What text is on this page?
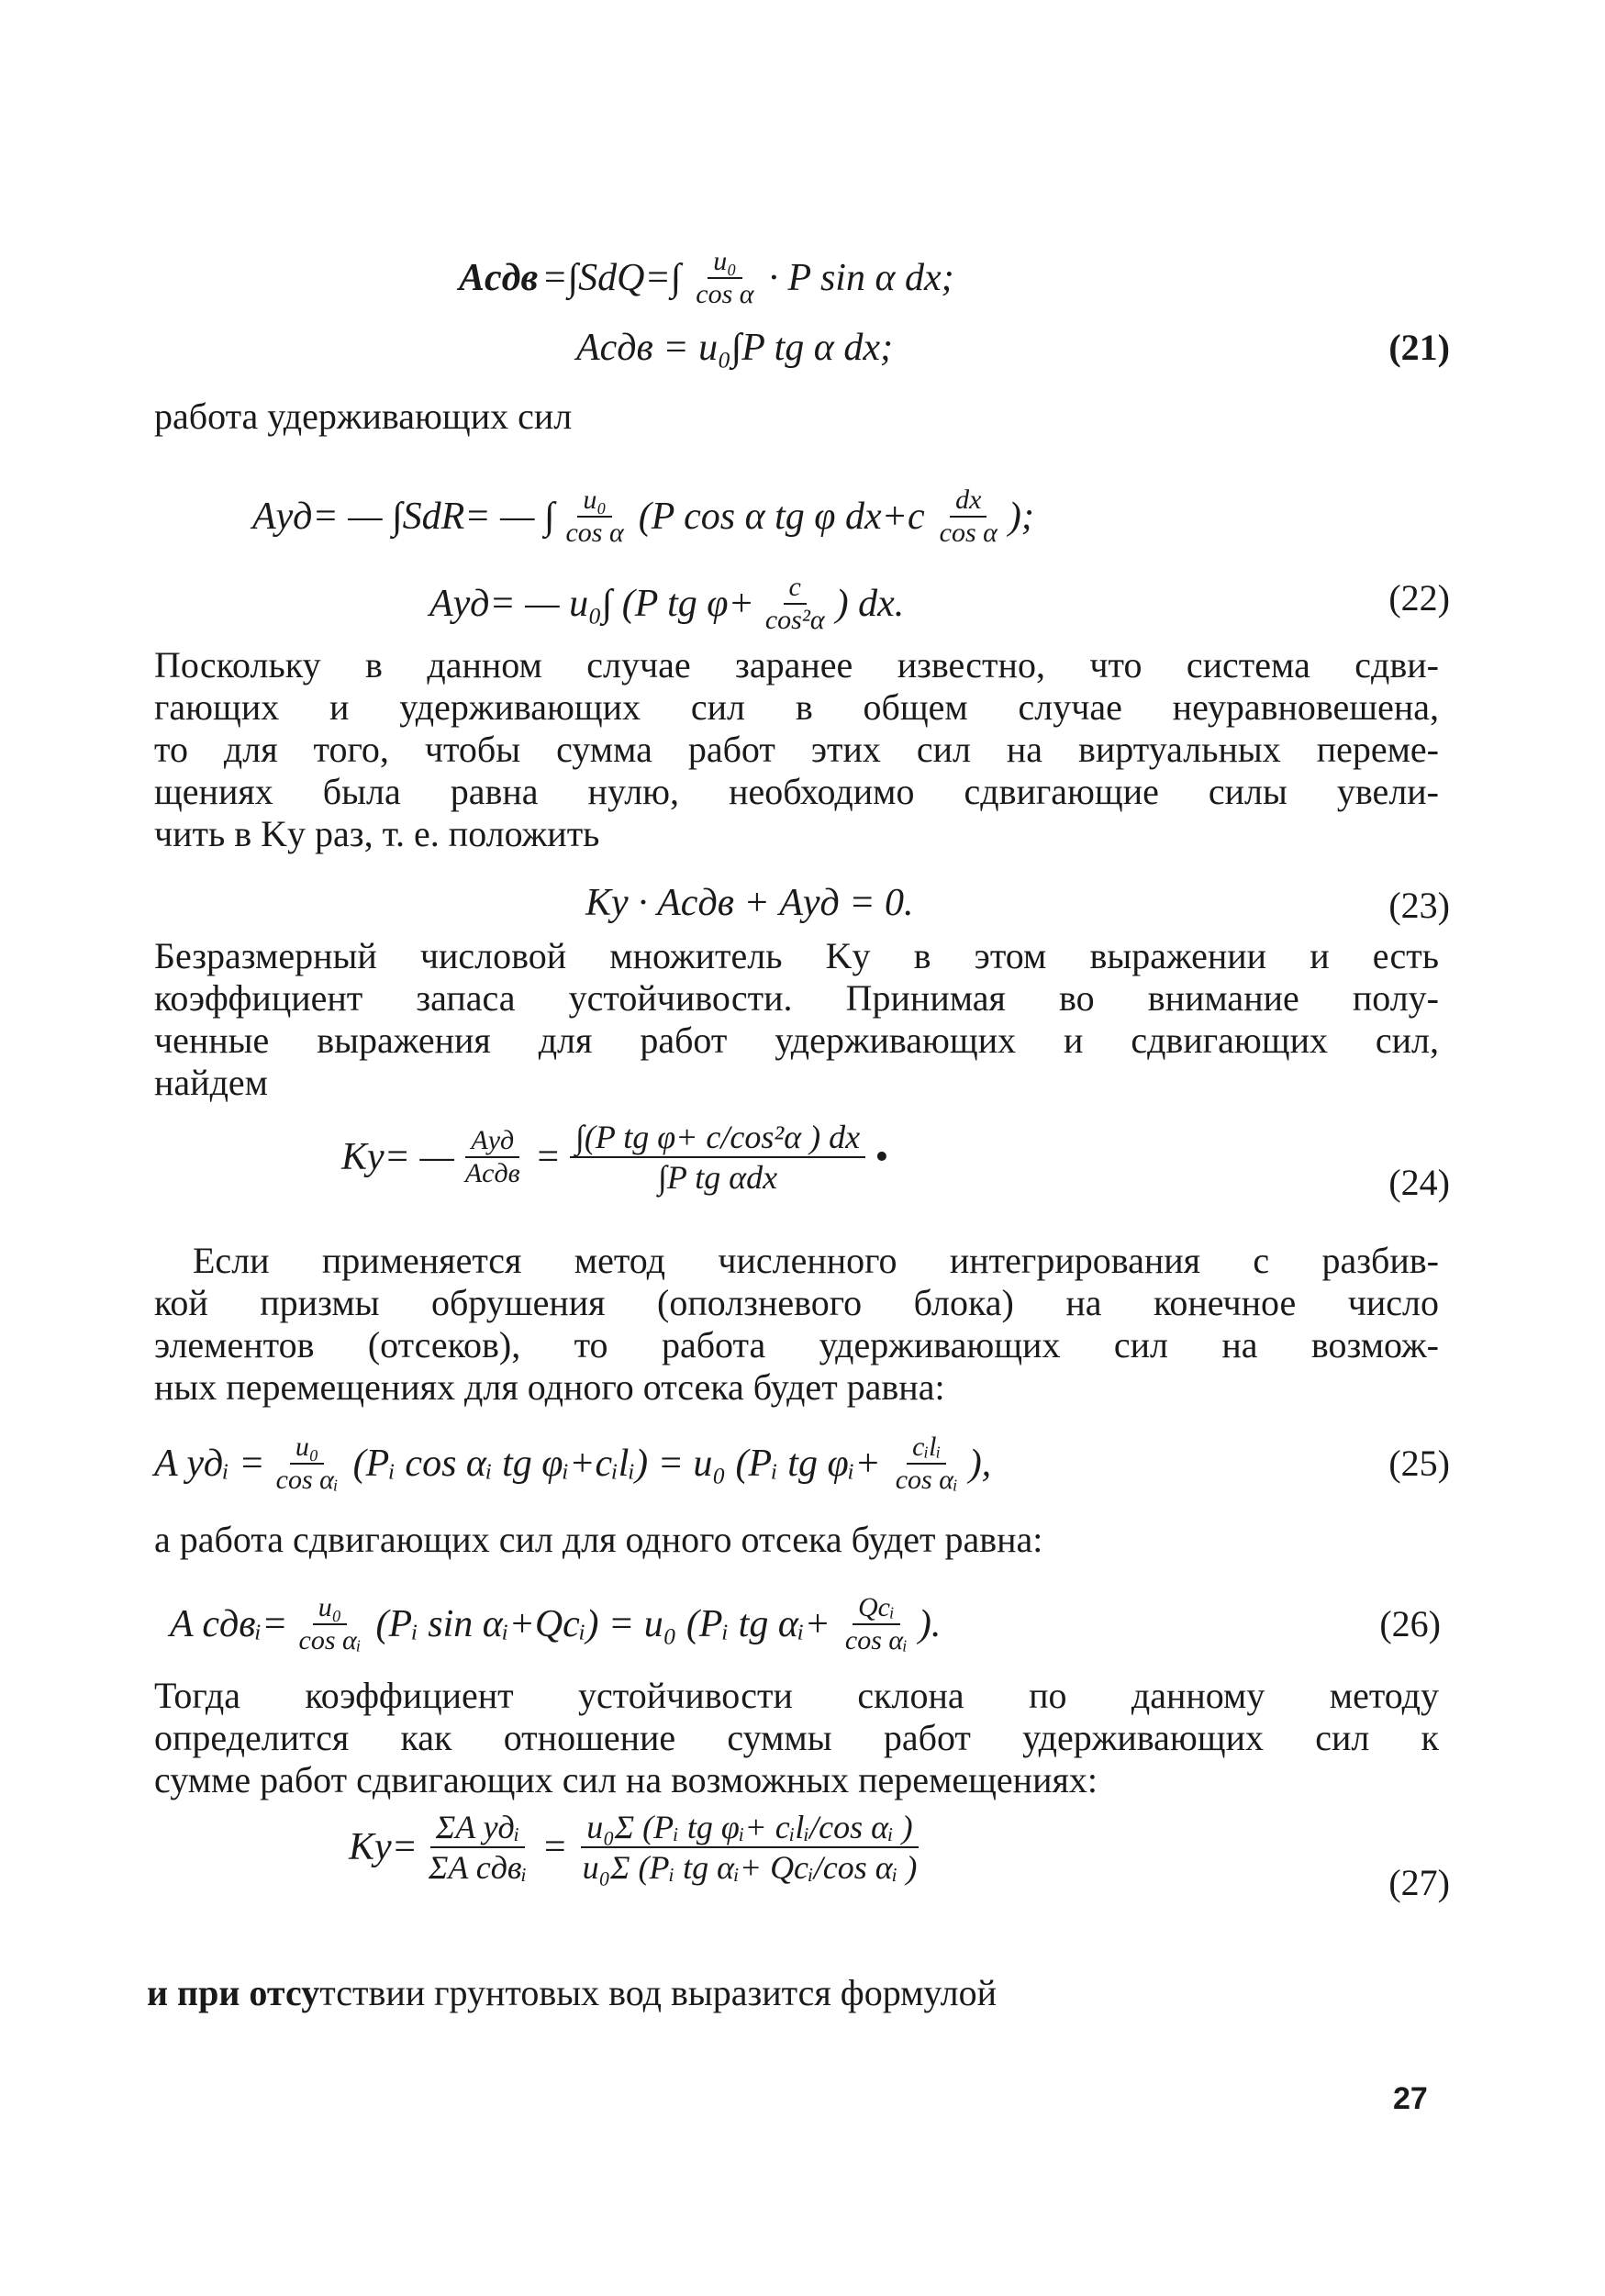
Aсдв $=\int SdQ=\int \frac{\text{u₀}}{\text{cos α}} \cdot P$ sin α dx;
Aсдв = u₀∫P tg α dx;	(21)
работа удерживающих сил
Aуд= — ∫SdR= — ∫ $\frac{\text{u₀}}{\text{cos α}} (P$ cos α tg φ $dx+c \frac{dx}{\text{cos α}}$ );
Aуд= — u₀∫ (P tg $\varphi+ \frac{c}{\text{cos²α}}$ ) dx.	(22)
Поскольку в данном случае заранее известно, что система сдви-
гающих и удерживающих сил в общем случае неуравновешена,
то для того, чтобы сумма работ этих сил на виртуальных переме-
щениях была равна нулю, необходимо сдвигающие силы увели-
чить в Kу раз, т. е. положить
Kу · Aсдв + Aуд = 0.	(23)
Безразмерный числовой множитель Kу в этом выражении и есть
коэффициент запаса устойчивости. Принимая во внимание полу-
ченные выражения для работ удерживающих и сдвигающих сил,
найдем
Kу= — $\frac{\text{Aуд}}{\text{Aсдв}} = \frac{\text{∫(P tg φ+ c/cos²α ) dx}}{\text{∫P tg αdx}}$ •
(24)
Если применяется метод численного интегрирования с разбив-
кой призмы обрушения (оползневого блока) на конечное число
элементов (отсеков), то работа удерживающих сил на возмож-
ных перемещениях для одного отсека будет равна:
A удᵢ = $\frac{\text{u₀}}{\text{cos αᵢ}}$ (Pᵢ cos αᵢ tg φᵢ+cᵢlᵢ) = u₀ (Pᵢ tg φᵢ+ $\frac{\text{cᵢlᵢ}}{\text{cos αᵢ}}$ ),	(25)
а работа сдвигающих сил для одного отсека будет равна:
A сдвᵢ= $\frac{\text{u₀}}{\text{cos αᵢ}}$ (Pᵢ sin αᵢ+Qcᵢ) = u₀ (Pᵢ tg αᵢ+ $\frac{\text{Qcᵢ}}{\text{cos αᵢ}}$ ).	(26)
Тогда коэффициент устойчивости склона по данному методу
определится как отношение суммы работ удерживающих сил к
сумме работ сдвигающих сил на возможных перемещениях:
$Kу= \frac{\text{ΣA удᵢ}}{\text{ΣA сдвᵢ}} = \frac{\text{u₀Σ (Pᵢ tg φᵢ+ cᵢlᵢ/cos αᵢ )}}{\text{u₀Σ (Pᵢ tg αᵢ+ Qcᵢ/cos αᵢ )}}$	(27)
и при отсутствии грунтовых вод выразится формулой
27
